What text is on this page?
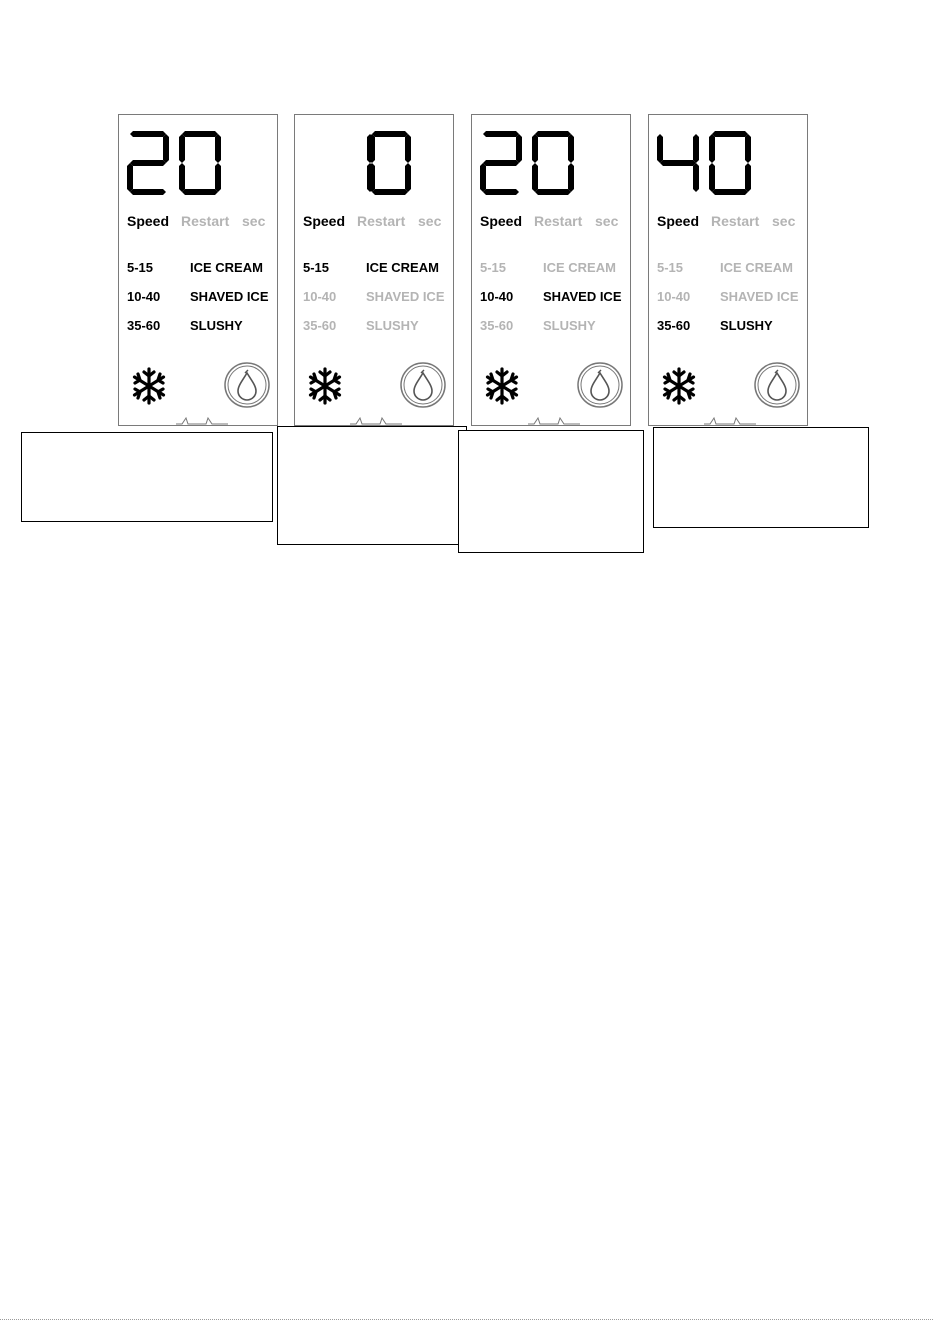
Speed Restart sec
5-15	ICE CREAM
10-40 SHAVED ICE
35-60 SLUSHY
Speed Restart sec
5-15	ICE CREAM
10-40 SHAVED ICE
35-60 SLUSHY
Speed Restart sec
5-15	ICE CREAM
10-40 SHAVED ICE
35-60 SLUSHY
Speed Restart sec
5-15	ICE CREAM
10-40 SHAVED ICE
35-60 SLUSHY
